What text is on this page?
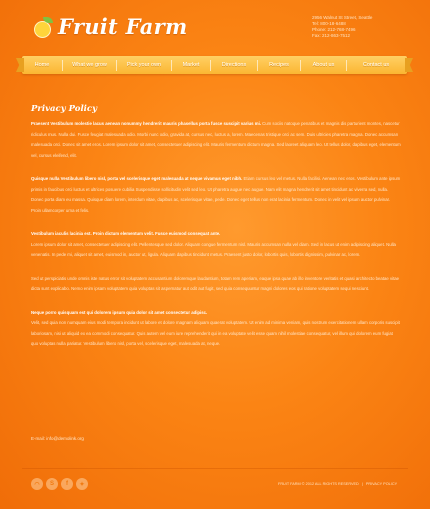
Fruit Farm	2956 Walnut St Street, Seattle
Tel: 800-18-6488
Phone: 212-768-7496
Fax: 212-863-7512
Home	What we grow	Pick your own	Market	Directions	Recipes	About us	Contact us
Privacy Policy

Praesent Vestibulum molestie lacus aenean nonummy hendrerit mauris phasellus porta fusce suscipit varius mi. Cum sociis natoque penatibus et magnis dis parturient montes, nascetur ridiculus mus. Nulla dui. Fusce feugiat malesuada odio. Morbi nunc odio, gravida at, cursus nec, luctus a, lorem. Maecenas tristique orci ac sem. Duis ultricies pharetra magna. Donec accumsan malesuada orci. Donec sit amet eros. Lorem ipsum dolor sit amet, consectetuer adipiscing elit. Mauris fermentum dictum magna. Sed laoreet aliquam leo. Ut tellus dolor, dapibus eget, elementum vel, cursus eleifend, elit.

Quisque nulla Vestibulum libero nisl, porta vel scelerisque eget malesuada at neque vivamus eget nibh. Etiam cursus leo vel metus. Nulla facilisi. Aenean nec eros. Vestibulum ante ipsum primis in faucibus orci luctus et ultrices posuere cubilia Suspendisse sollicitudin velit sed leo. Ut pharetra augue nec augue. Nam elit magna hendrerit sit amet tincidunt ac viverra sed, nulla. Donec porta diam eu massa. Quisque diam lorem, interdum vitae, dapibus ac, scelerisque vitae, pede. Donec eget tellus non erat lacinia fermentum. Donec in velit vel ipsum auctor pulvinar. Proin ullamcorper urna et felis.

Vestibulum iaculis lacinia est. Proin dictum elementum velit. Fusce euismod consequat ante.
Lorem ipsum dolor sit amet, consectetuer adipiscing elit. Pellentesque sed dolor. Aliquam congue fermentum nisl. Mauris accumsan nulla vel diam. Sed in lacus ut enim adipiscing aliquet. Nulla venenatis. In pede mi, aliquet sit amet, euismod in, auctor ut, ligula. Aliquam dapibus tincidunt metus. Praesent justo dolor, lobortis quis, lobortis dignissim, pulvinar ac, lorem.

Sed ut perspiciatis unde omnis iste natus error sit voluptatem accusantium doloremque laudantium, totam rem aperiam, eaque ipsa quae ab illo inventore veritatis et quasi architecto beatae vitae dicta sunt explicabo. Nemo enim ipsam voluptatem quia voluptas sit aspernatur aut odit aut fugit, sed quia consequuntur magni dolores eos qui ratione voluptatem sequi nesciunt.

Neque porro quisquam est qui dolorem ipsum quia dolor sit amet consectetur adipisc.
Velit, sed quia non numquam eius modi tempora incidunt ut labore et dolore magnam aliquam quaerat voluptatem. Ut enim ad minima veniam, quis nostrum exercitationem ullam corporis suscipit laboriosam, nisi ut aliquid ex ea commodi consequatur. Quis autem vel eum iure reprehenderit qui in ea voluptate velit esse quam nihil molestiae consequatur, vel illum qui dolorem eum fugiat quo voluptas nulla pariatur. Vestibulum libero nisl, porta vel, scelerisque eget, malesuada at, neque.

E-mail: info@demolink.org
◠	S	f	✦	FRUIT FARM © 2012 ALL RIGHTS RESERVED | PRIVACY POLICY
